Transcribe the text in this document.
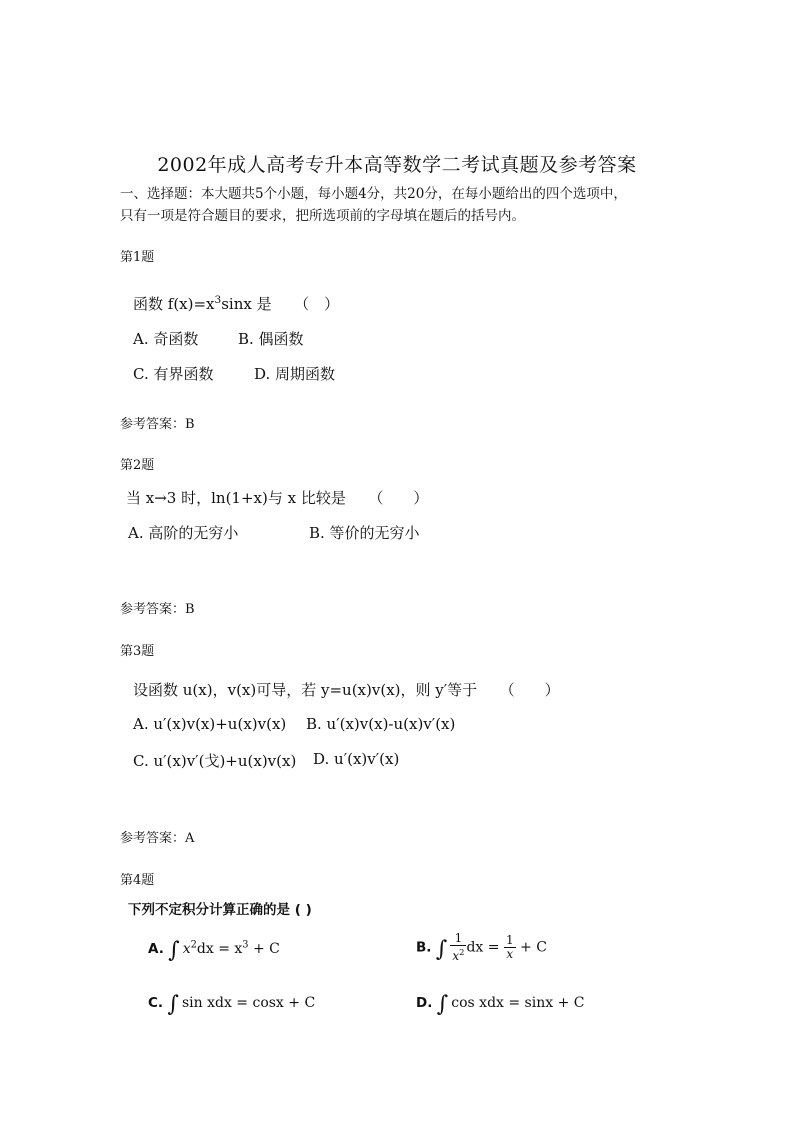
2002年成人高考专升本高等数学二考试真题及参考答案
一、选择题：本大题共5个小题，每小题4分，共20分，在每小题给出的四个选项中，
只有一项是符合题目的要求，把所选项前的字母填在题后的括号内。
第1题
函数 $f(x)=x^3\sin x$ 是　　（　）
A. 奇函数	B. 偶函数
C. 有界函数	D. 周期函数
参考答案：B
第2题
当 x→3 时，ln(1+x)与 x 比较是　　（　　）
A. 高阶的无穷小	B. 等价的无穷小
参考答案：B
第3题
设函数 u(x)，v(x)可导，若 y=u(x)v(x)，则 y′等于　　（　　）
A. u′(x)v(x)+u(x)v(x) B. u′(x)v(x)-u(x)v′(x)
C. u′(x)v′(戈)+u(x)v(x) D. u′(x)v′(x)
参考答案：A
第4题
下列不定积分计算正确的是 ( )
A. ∫ $x^2dx = x^3 + C$	B. ∫ $\frac{1}{x^2}$ dx = $\frac{1}{x} + C$
C. ∫ sin xdx = cosx + C	D. ∫ cos xdx = sinx + C
